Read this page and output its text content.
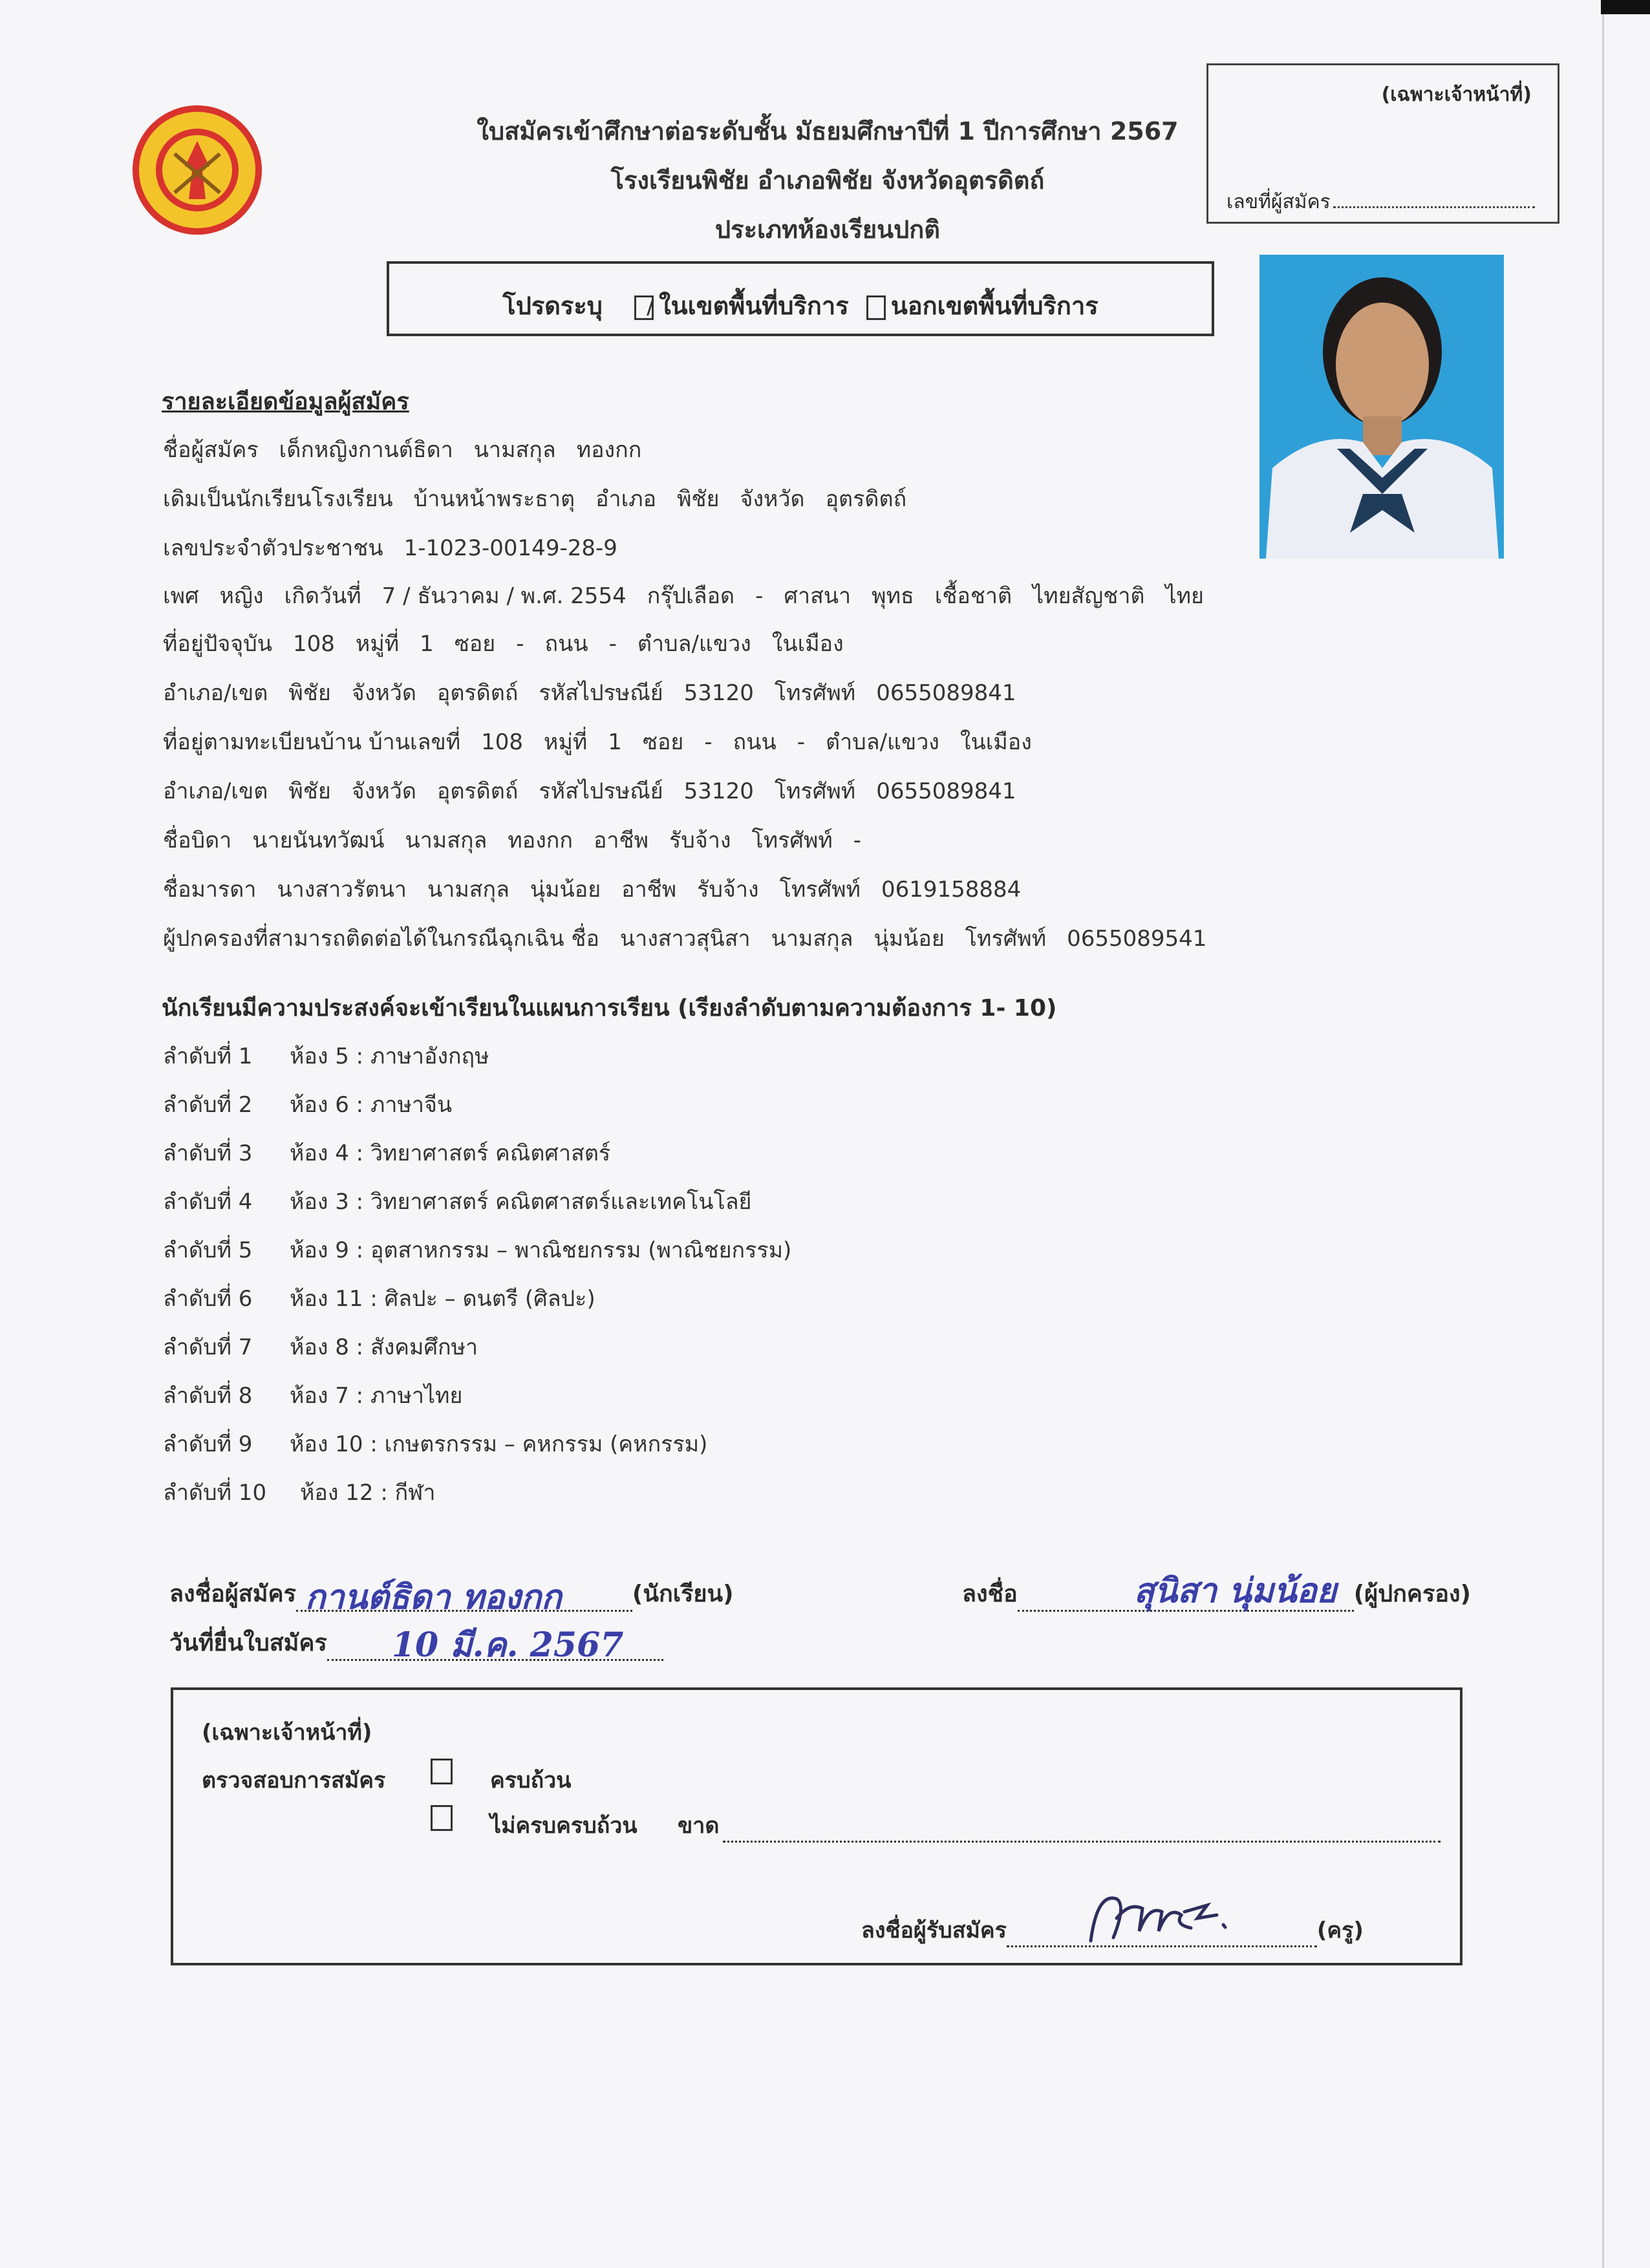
ใบสมัครเข้าศึกษาต่อระดับชั้น มัธยมศึกษาปีที่ 1 ปีการศึกษา 2567
โรงเรียนพิชัย อำเภอพิชัย จังหวัดอุตรดิตถ์
ประเภทห้องเรียนปกติ
(เฉพาะเจ้าหน้าที่)
เลขที่ผู้สมัคร
โปรดระบุ ในเขตพื้นที่บริการ นอกเขตพื้นที่บริการ
รายละเอียดข้อมูลผู้สมัคร
ชื่อผู้สมัคร เด็กหญิงกานต์ธิดา นามสกุล ทองกก
เดิมเป็นนักเรียนโรงเรียน บ้านหน้าพระธาตุ อำเภอ พิชัย จังหวัด อุตรดิตถ์
เลขประจำตัวประชาชน 1-1023-00149-28-9
เพศ หญิง เกิดวันที่ 7 / ธันวาคม / พ.ศ. 2554 กรุ๊ปเลือด - ศาสนา พุทธ เชื้อชาติ ไทยสัญชาติ ไทย
ที่อยู่ปัจจุบัน 108 หมู่ที่ 1 ซอย - ถนน - ตำบล/แขวง ในเมือง
อำเภอ/เขต พิชัย จังหวัด อุตรดิตถ์ รหัสไปรษณีย์ 53120 โทรศัพท์ 0655089841
ที่อยู่ตามทะเบียนบ้าน บ้านเลขที่ 108 หมู่ที่ 1 ซอย - ถนน - ตำบล/แขวง ในเมือง
อำเภอ/เขต พิชัย จังหวัด อุตรดิตถ์ รหัสไปรษณีย์ 53120 โทรศัพท์ 0655089841
ชื่อบิดา นายนันทวัฒน์ นามสกุล ทองกก อาชีพ รับจ้าง โทรศัพท์ -
ชื่อมารดา นางสาวรัตนา นามสกุล นุ่มน้อย อาชีพ รับจ้าง โทรศัพท์ 0619158884
ผู้ปกครองที่สามารถติดต่อได้ในกรณีฉุกเฉิน ชื่อ นางสาวสุนิสา นามสกุล นุ่มน้อย โทรศัพท์ 0655089541
นักเรียนมีความประสงค์จะเข้าเรียนในแผนการเรียน (เรียงลำดับตามความต้องการ 1- 10)
ลำดับที่ 1 ห้อง 5 : ภาษาอังกฤษ
ลำดับที่ 2 ห้อง 6 : ภาษาจีน
ลำดับที่ 3 ห้อง 4 : วิทยาศาสตร์ คณิตศาสตร์
ลำดับที่ 4 ห้อง 3 : วิทยาศาสตร์ คณิตศาสตร์และเทคโนโลยี
ลำดับที่ 5 ห้อง 9 : อุตสาหกรรม – พาณิชยกรรม (พาณิชยกรรม)
ลำดับที่ 6 ห้อง 11 : ศิลปะ – ดนตรี (ศิลปะ)
ลำดับที่ 7 ห้อง 8 : สังคมศึกษา
ลำดับที่ 8 ห้อง 7 : ภาษาไทย
ลำดับที่ 9 ห้อง 10 : เกษตรกรรม – คหกรรม (คหกรรม)
ลำดับที่ 10 ห้อง 12 : กีฬา
ลงชื่อผู้สมัคร กานต์ธิดา ทองกก	(นักเรียน)
วันที่ยื่นใบสมัคร 10 มี.ค. 2567
ลงชื่อ	สุนิสา นุ่มน้อย (ผู้ปกครอง)
(เฉพาะเจ้าหน้าที่)
ตรวจสอบการสมัคร	ครบถ้วน
ไม่ครบครบถ้วน ขาด
ลงชื่อผู้รับสมัคร	(ครู)
